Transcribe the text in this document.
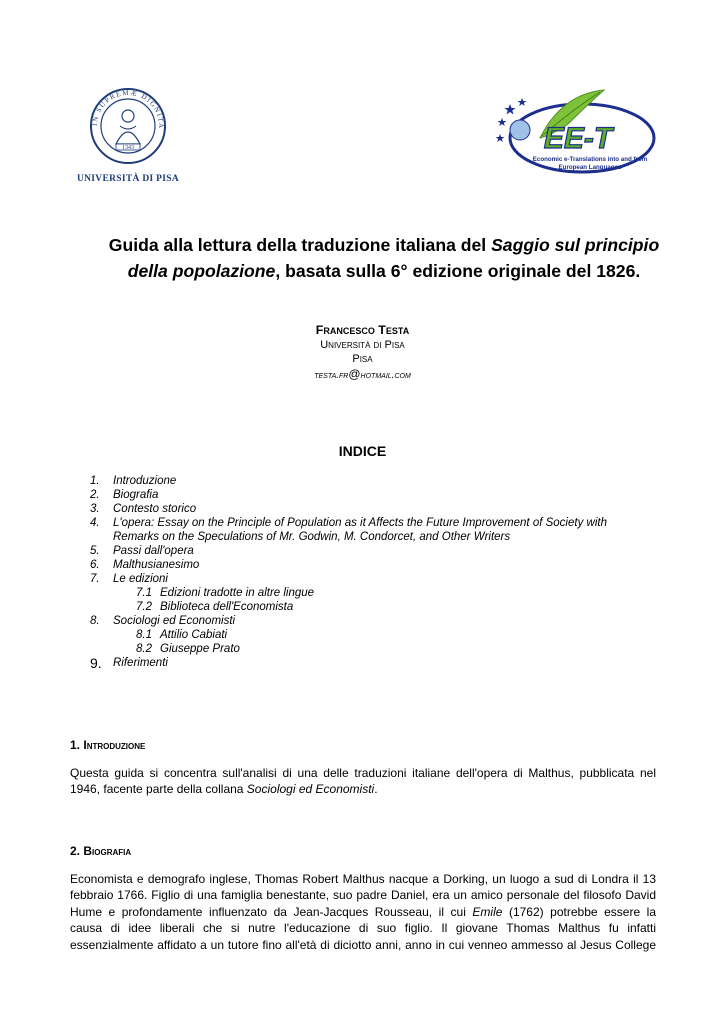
IN SUPREMÆ DIGNITA
1343
UNIVERSITÀ DI PISA
EE-T
Economic e-Translations into and from
European Languages
Guida alla lettura della traduzione italiana del Saggio sul principio
della popolazione, basata sulla 6° edizione originale del 1826.
Francesco Testa
Università di Pisa
Pisa
testa.fr@hotmail.com
INDICE
1. Introduzione
2. Biografia
3. Contesto storico
4. L'opera: Essay on the Principle of Population as it Affects the Future Improvement of Society with
Remarks on the Speculations of Mr. Godwin, M. Condorcet, and Other Writers
5. Passi dall'opera
6. Malthusianesimo
7. Le edizioni
7.1 Edizioni tradotte in altre lingue
7.2 Biblioteca dell'Economista
8. Sociologi ed Economisti
8.1 Attilio Cabiati
8.2 Giuseppe Prato
9. Riferimenti
1. Introduzione
Questa guida si concentra sull'analisi di una delle traduzioni italiane dell'opera di Malthus, pubblicata nel
1946, facente parte della collana Sociologi ed Economisti.
2. Biografia
Economista e demografo inglese, Thomas Robert Malthus nacque a Dorking, un luogo a sud di Londra il 13
febbraio 1766. Figlio di una famiglia benestante, suo padre Daniel, era un amico personale del filosofo David
Hume e profondamente influenzato da Jean-Jacques Rousseau, il cui Emile (1762) potrebbe essere la
causa di idee liberali che si nutre l'educazione di suo figlio. Il giovane Thomas Malthus fu infatti
essenzialmente affidato a un tutore fino all'età di diciotto anni, anno in cui venneo ammesso al Jesus College
